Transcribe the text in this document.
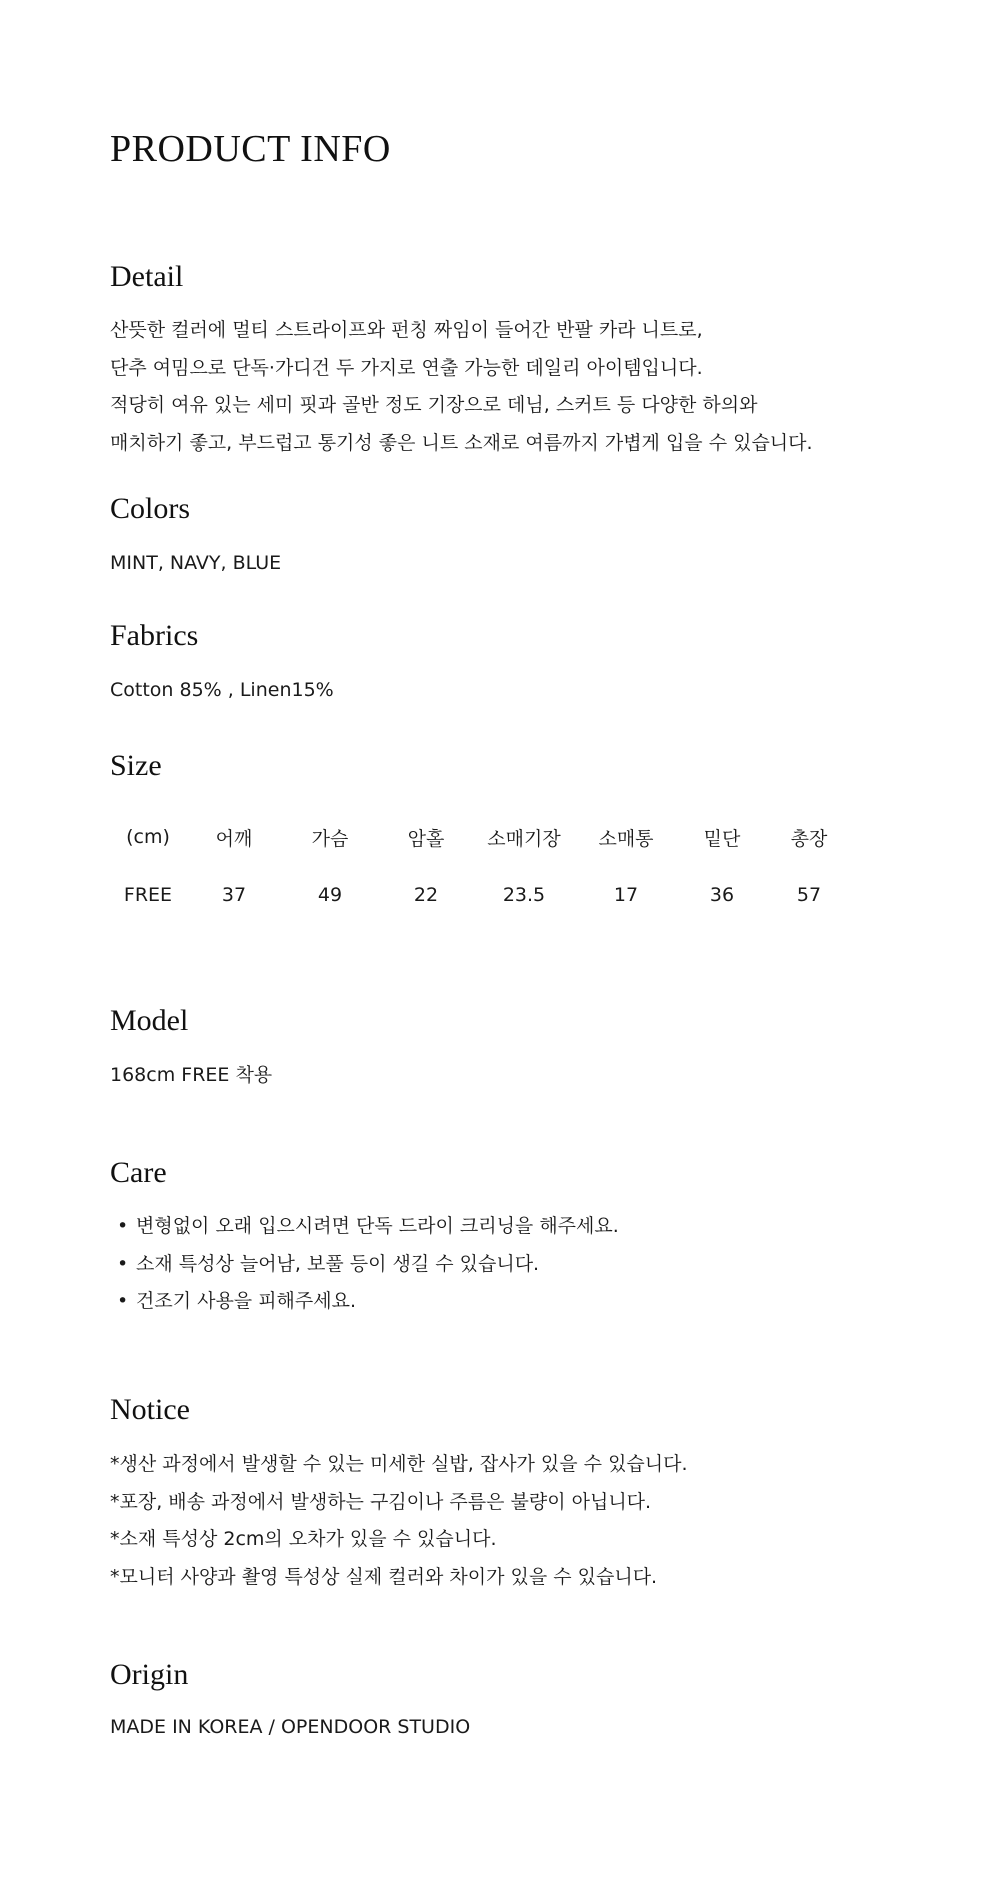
PRODUCT INFO
Detail
산뜻한 컬러에 멀티 스트라이프와 펀칭 짜임이 들어간 반팔 카라 니트로,
단추 여밈으로 단독·가디건 두 가지로 연출 가능한 데일리 아이템입니다.
적당히 여유 있는 세미 핏과 골반 정도 기장으로 데님, 스커트 등 다양한 하의와
매치하기 좋고, 부드럽고 통기성 좋은 니트 소재로 여름까지 가볍게 입을 수 있습니다.
Colors

MINT, NAVY, BLUE

Fabrics

Cotton 85% , Linen15%

Size
(cm)	어깨	가슴	암홀	소매기장	소매통	밑단	총장
FREE	37	49	22	23.5	17	36	57
Model

168cm FREE 착용

Care
• 변형없이 오래 입으시려면 단독 드라이 크리닝을 해주세요.
• 소재 특성상 늘어남, 보풀 등이 생길 수 있습니다.
• 건조기 사용을 피해주세요.
Notice
*생산 과정에서 발생할 수 있는 미세한 실밥, 잡사가 있을 수 있습니다.
*포장, 배송 과정에서 발생하는 구김이나 주름은 불량이 아닙니다.
*소재 특성상 2cm의 오차가 있을 수 있습니다.
*모니터 사양과 촬영 특성상 실제 컬러와 차이가 있을 수 있습니다.
Origin

MADE IN KOREA / OPENDOOR STUDIO
